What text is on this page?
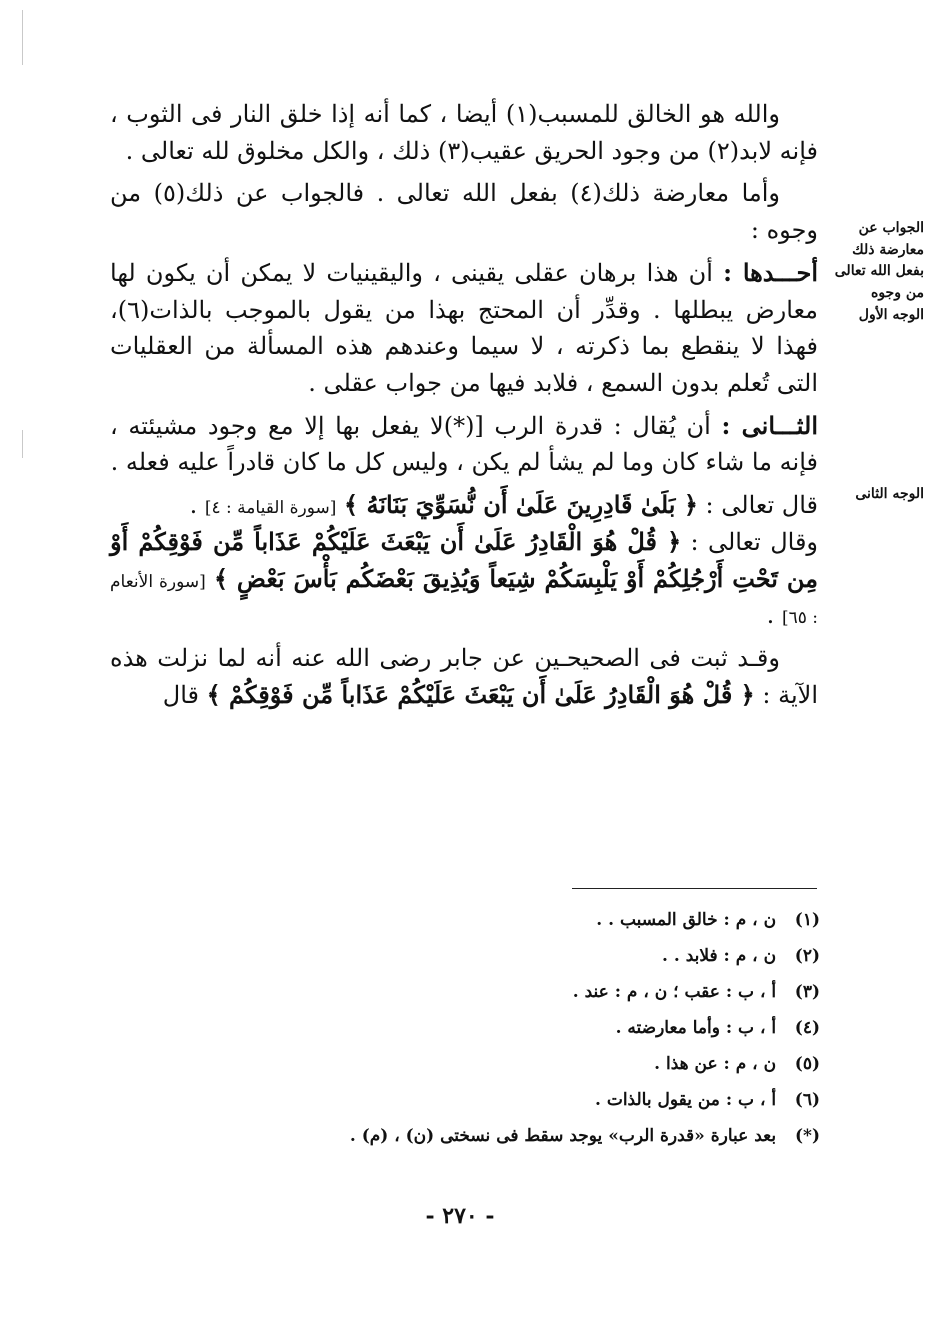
والله هو الخالق للمسبب(١) أيضا ، كما أنه إذا خلق النار فى الثوب ، فإنه لابد(٢) من وجود الحريق عقيب(٣) ذلك ، والكل مخلوق لله تعالى .

وأما معارضة ذلك(٤) بفعل الله تعالى . فالجواب عن ذلك(٥) من وجوه :

أحـــدها : أن هذا برهان عقلى يقينى ، واليقينيات لا يمكن أن يكون لها معارض يبطلها . وقدِّر أن المحتج بهذا من يقول بالموجب بالذات(٦)، فهذا لا ينقطع بما ذكرته ، لا سيما وعندهم هذه المسألة من العقليات التى تُعلم بدون السمع ، فلابد فيها من جواب عقلى .

الثـــانى : أن يُقال : قدرة الرب [(*)لا يفعل بها إلا مع وجود مشيئته ، فإنه ما شاء كان وما لم يشأ لم يكن ، وليس كل ما كان قادراً عليه فعله .

قال تعالى : ﴿ بَلَىٰ قَادِرِينَ عَلَىٰ أَن نُّسَوِّيَ بَنَانَهُ ﴾ [سورة القيامة : ٤] .

وقال تعالى : ﴿ قُلْ هُوَ الْقَادِرُ عَلَىٰ أَن يَبْعَثَ عَلَيْكُمْ عَذَاباً مِّن فَوْقِكُمْ أَوْ مِن تَحْتِ أَرْجُلِكُمْ أَوْ يَلْبِسَكُمْ شِيَعاً وَيُذِيقَ بَعْضَكُم بَأْسَ بَعْضٍ ﴾ [سورة الأنعام : ٦٥] .

وقـد ثبت فى الصحيحـين عن جابر رضى الله عنه أنه لما نزلت هذه الآية : ﴿ قُلْ هُوَ الْقَادِرُ عَلَىٰ أَن يَبْعَثَ عَلَيْكُمْ عَذَاباً مِّن فَوْقِكُمْ ﴾ قال

الجواب عن معارضة ذلك بفعل الله تعالى من وجوه
الوجه الأول
الوجه الثانى
(١) ن ، م : خالق المسبب . .
(٢) ن ، م : فلابد . .
(٣) أ ، ب : عقب ؛ ن ، م : عند .
(٤) أ ، ب : وأما معارضته .
(٥) ن ، م : عن هذا .
(٦) أ ، ب : من يقول بالذات .
(*) بعد عبارة «قدرة الرب» يوجد سقط فى نسختى (ن) ، (م) .
- ٢٧٠ -
